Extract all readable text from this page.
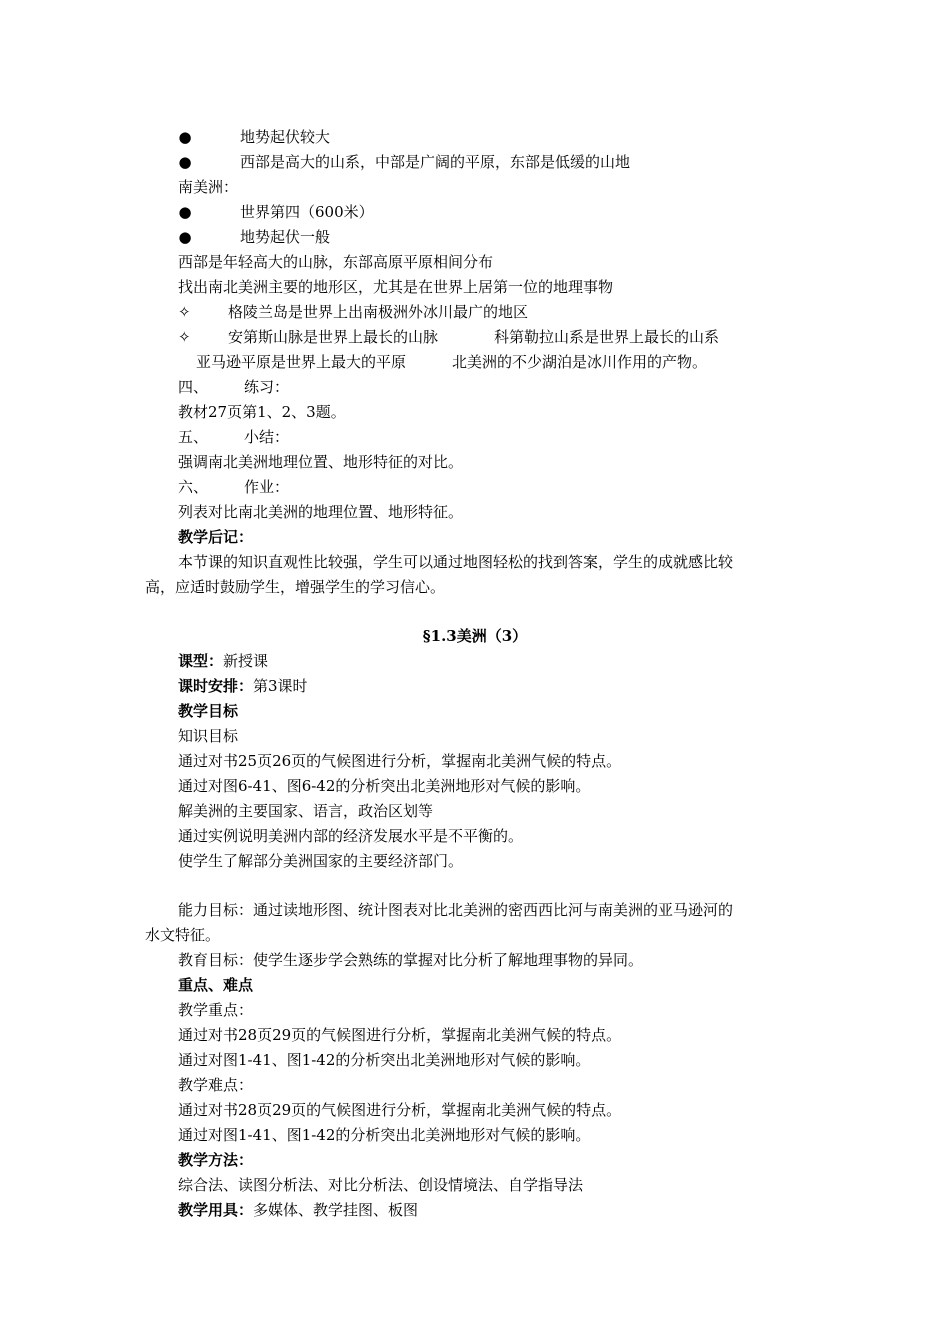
●	地势起伏较大
●	西部是高大的山系，中部是广阔的平原，东部是低缓的山地
南美洲：
●	世界第四（600米）
●	地势起伏一般
西部是年轻高大的山脉，东部高原平原相间分布
找出南北美洲主要的地形区，尤其是在世界上居第一位的地理事物
✧ 格陵兰岛是世界上出南极洲外冰川最广的地区
✧ 安第斯山脉是世界上最长的山脉	科第勒拉山系是世界上最长的山系
亚马逊平原是世界上最大的平原	北美洲的不少湖泊是冰川作用的产物。
四、 练习：
教材27页第1、2、3题。
五、 小结：
强调南北美洲地理位置、地形特征的对比。
六、 作业：
列表对比南北美洲的地理位置、地形特征。
教学后记：
本节课的知识直观性比较强，学生可以通过地图轻松的找到答案，学生的成就感比较
高，应适时鼓励学生，增强学生的学习信心。
§1.3美洲（3）
课型：新授课
课时安排：第3课时
教学目标
知识目标
通过对书25页26页的气候图进行分析，掌握南北美洲气候的特点。
通过对图6-41、图6-42的分析突出北美洲地形对气候的影响。
解美洲的主要国家、语言，政治区划等
通过实例说明美洲内部的经济发展水平是不平衡的。
使学生了解部分美洲国家的主要经济部门。
能力目标：通过读地形图、统计图表对比北美洲的密西西比河与南美洲的亚马逊河的
水文特征。
教育目标：使学生逐步学会熟练的掌握对比分析了解地理事物的异同。
重点、难点
教学重点：
通过对书28页29页的气候图进行分析，掌握南北美洲气候的特点。
通过对图1-41、图1-42的分析突出北美洲地形对气候的影响。
教学难点：
通过对书28页29页的气候图进行分析，掌握南北美洲气候的特点。
通过对图1-41、图1-42的分析突出北美洲地形对气候的影响。
教学方法：
综合法、读图分析法、对比分析法、创设情境法、自学指导法
教学用具：多媒体、教学挂图、板图
